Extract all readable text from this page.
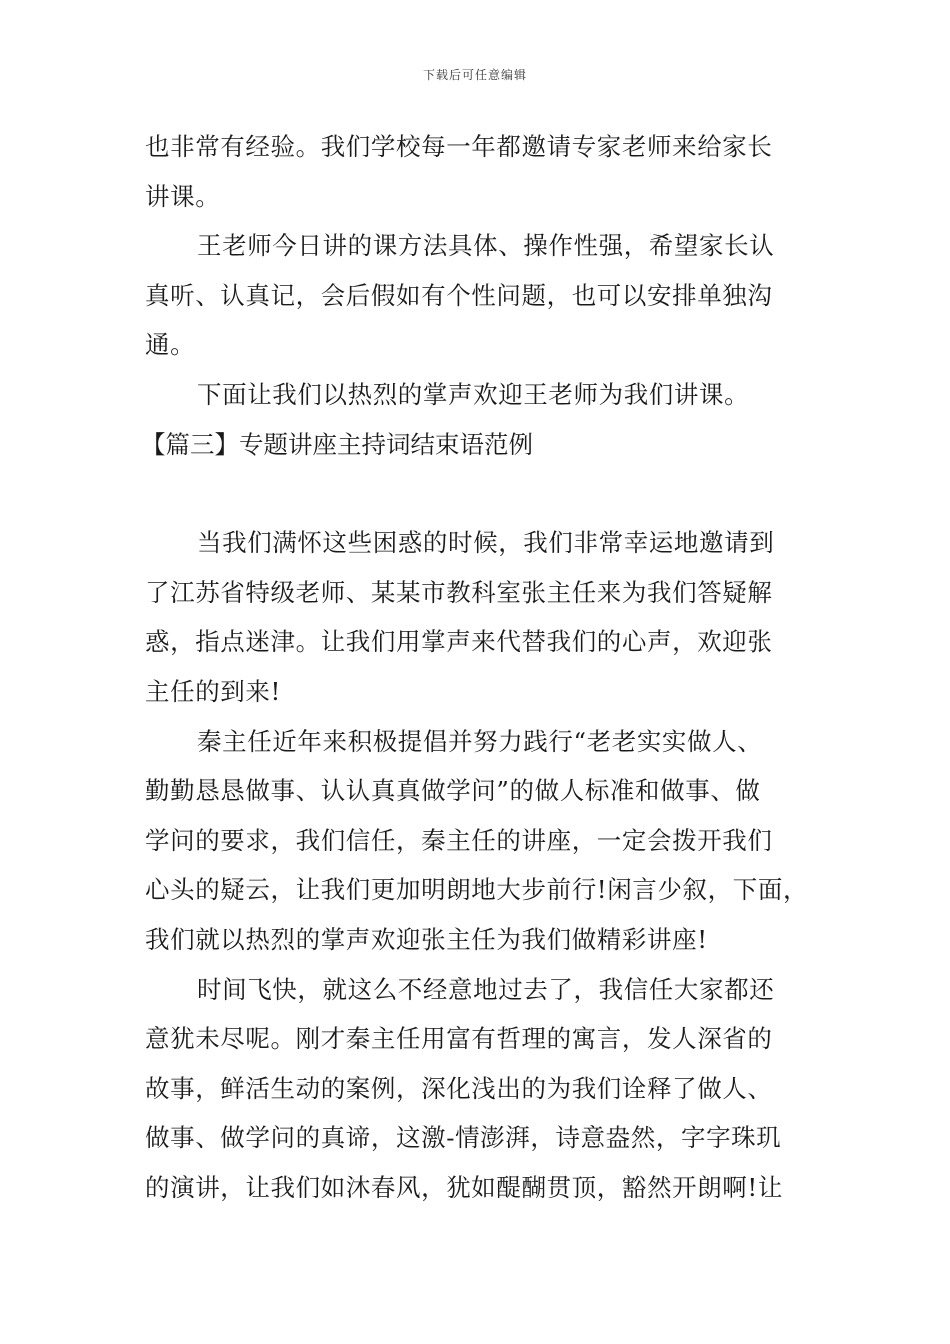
下载后可任意编辑
也非常有经验。我们学校每一年都邀请专家老师来给家长
讲课。
王老师今日讲的课方法具体、操作性强，希望家长认
真听、认真记，会后假如有个性问题，也可以安排单独沟
通。
下面让我们以热烈的掌声欢迎王老师为我们讲课。
【篇三】专题讲座主持词结束语范例
当我们满怀这些困惑的时候，我们非常幸运地邀请到
了江苏省特级老师、某某市教科室张主任来为我们答疑解
惑，指点迷津。让我们用掌声来代替我们的心声，欢迎张
主任的到来!
秦主任近年来积极提倡并努力践行“老老实实做人、
勤勤恳恳做事、认认真真做学问”的做人标准和做事、做
学问的要求，我们信任，秦主任的讲座，一定会拨开我们
心头的疑云，让我们更加明朗地大步前行!闲言少叙，下面，
我们就以热烈的掌声欢迎张主任为我们做精彩讲座!
时间飞快，就这么不经意地过去了，我信任大家都还
意犹未尽呢。刚才秦主任用富有哲理的寓言，发人深省的
故事，鲜活生动的案例，深化浅出的为我们诠释了做人、
做事、做学问的真谛，这激-情澎湃，诗意盎然，字字珠玑
的演讲，让我们如沐春风，犹如醍醐贯顶，豁然开朗啊!让
